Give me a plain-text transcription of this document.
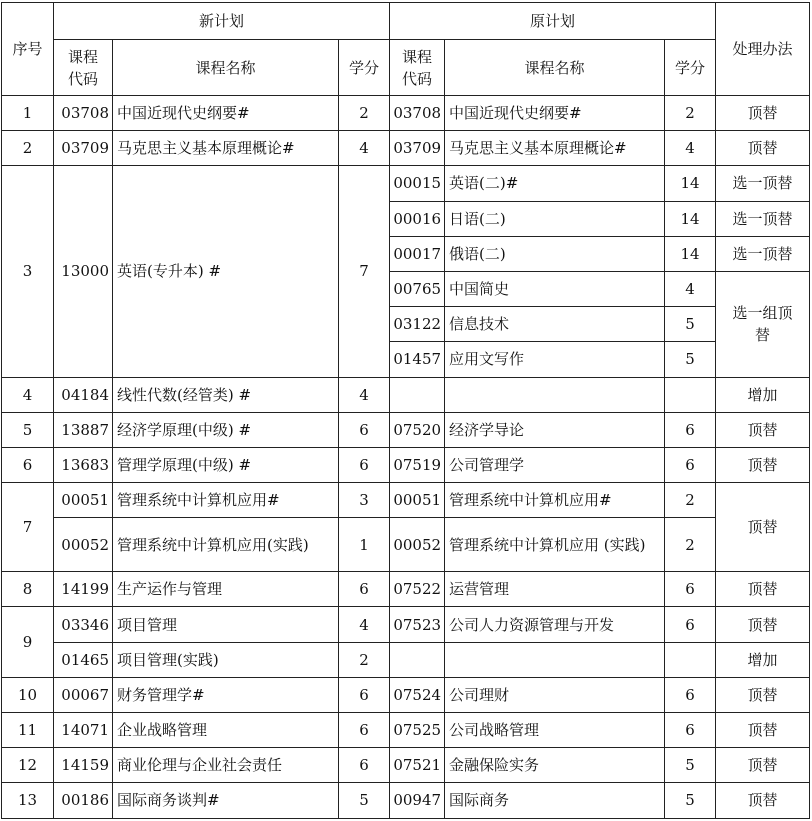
序号	新计划			原计划			处理办法
	课程代码	课程名称	学分	课程代码	课程名称	学分	
1	03708	中国近现代史纲要#	2	03708	中国近现代史纲要#	2	顶替
2	03709	马克思主义基本原理概论#	4	03709	马克思主义基本原理概论#	4	顶替
3	13000	英语(专升本) #	7	00015	英语(二)#	14	选一顶替
				00016	日语(二)	14	选一顶替
				00017	俄语(二)	14	选一顶替
				00765	中国简史	4	选一组顶替
				03122	信息技术	5	
				01457	应用文写作	5	
4	04184	线性代数(经管类) #	4				增加
5	13887	经济学原理(中级) #	6	07520	经济学导论	6	顶替
6	13683	管理学原理(中级) #	6	07519	公司管理学	6	顶替
7	00051	管理系统中计算机应用#	3	00051	管理系统中计算机应用#	2	顶替
	00052	管理系统中计算机应用(实践)	1	00052	管理系统中计算机应用 (实践)	2	
8	14199	生产运作与管理	6	07522	运营管理	6	顶替
9	03346	项目管理	4	07523	公司人力资源管理与开发	6	顶替
	01465	项目管理(实践)	2				增加
10	00067	财务管理学#	6	07524	公司理财	6	顶替
11	14071	企业战略管理	6	07525	公司战略管理	6	顶替
12	14159	商业伦理与企业社会责任	6	07521	金融保险实务	5	顶替
13	00186	国际商务谈判#	5	00947	国际商务	5	顶替
